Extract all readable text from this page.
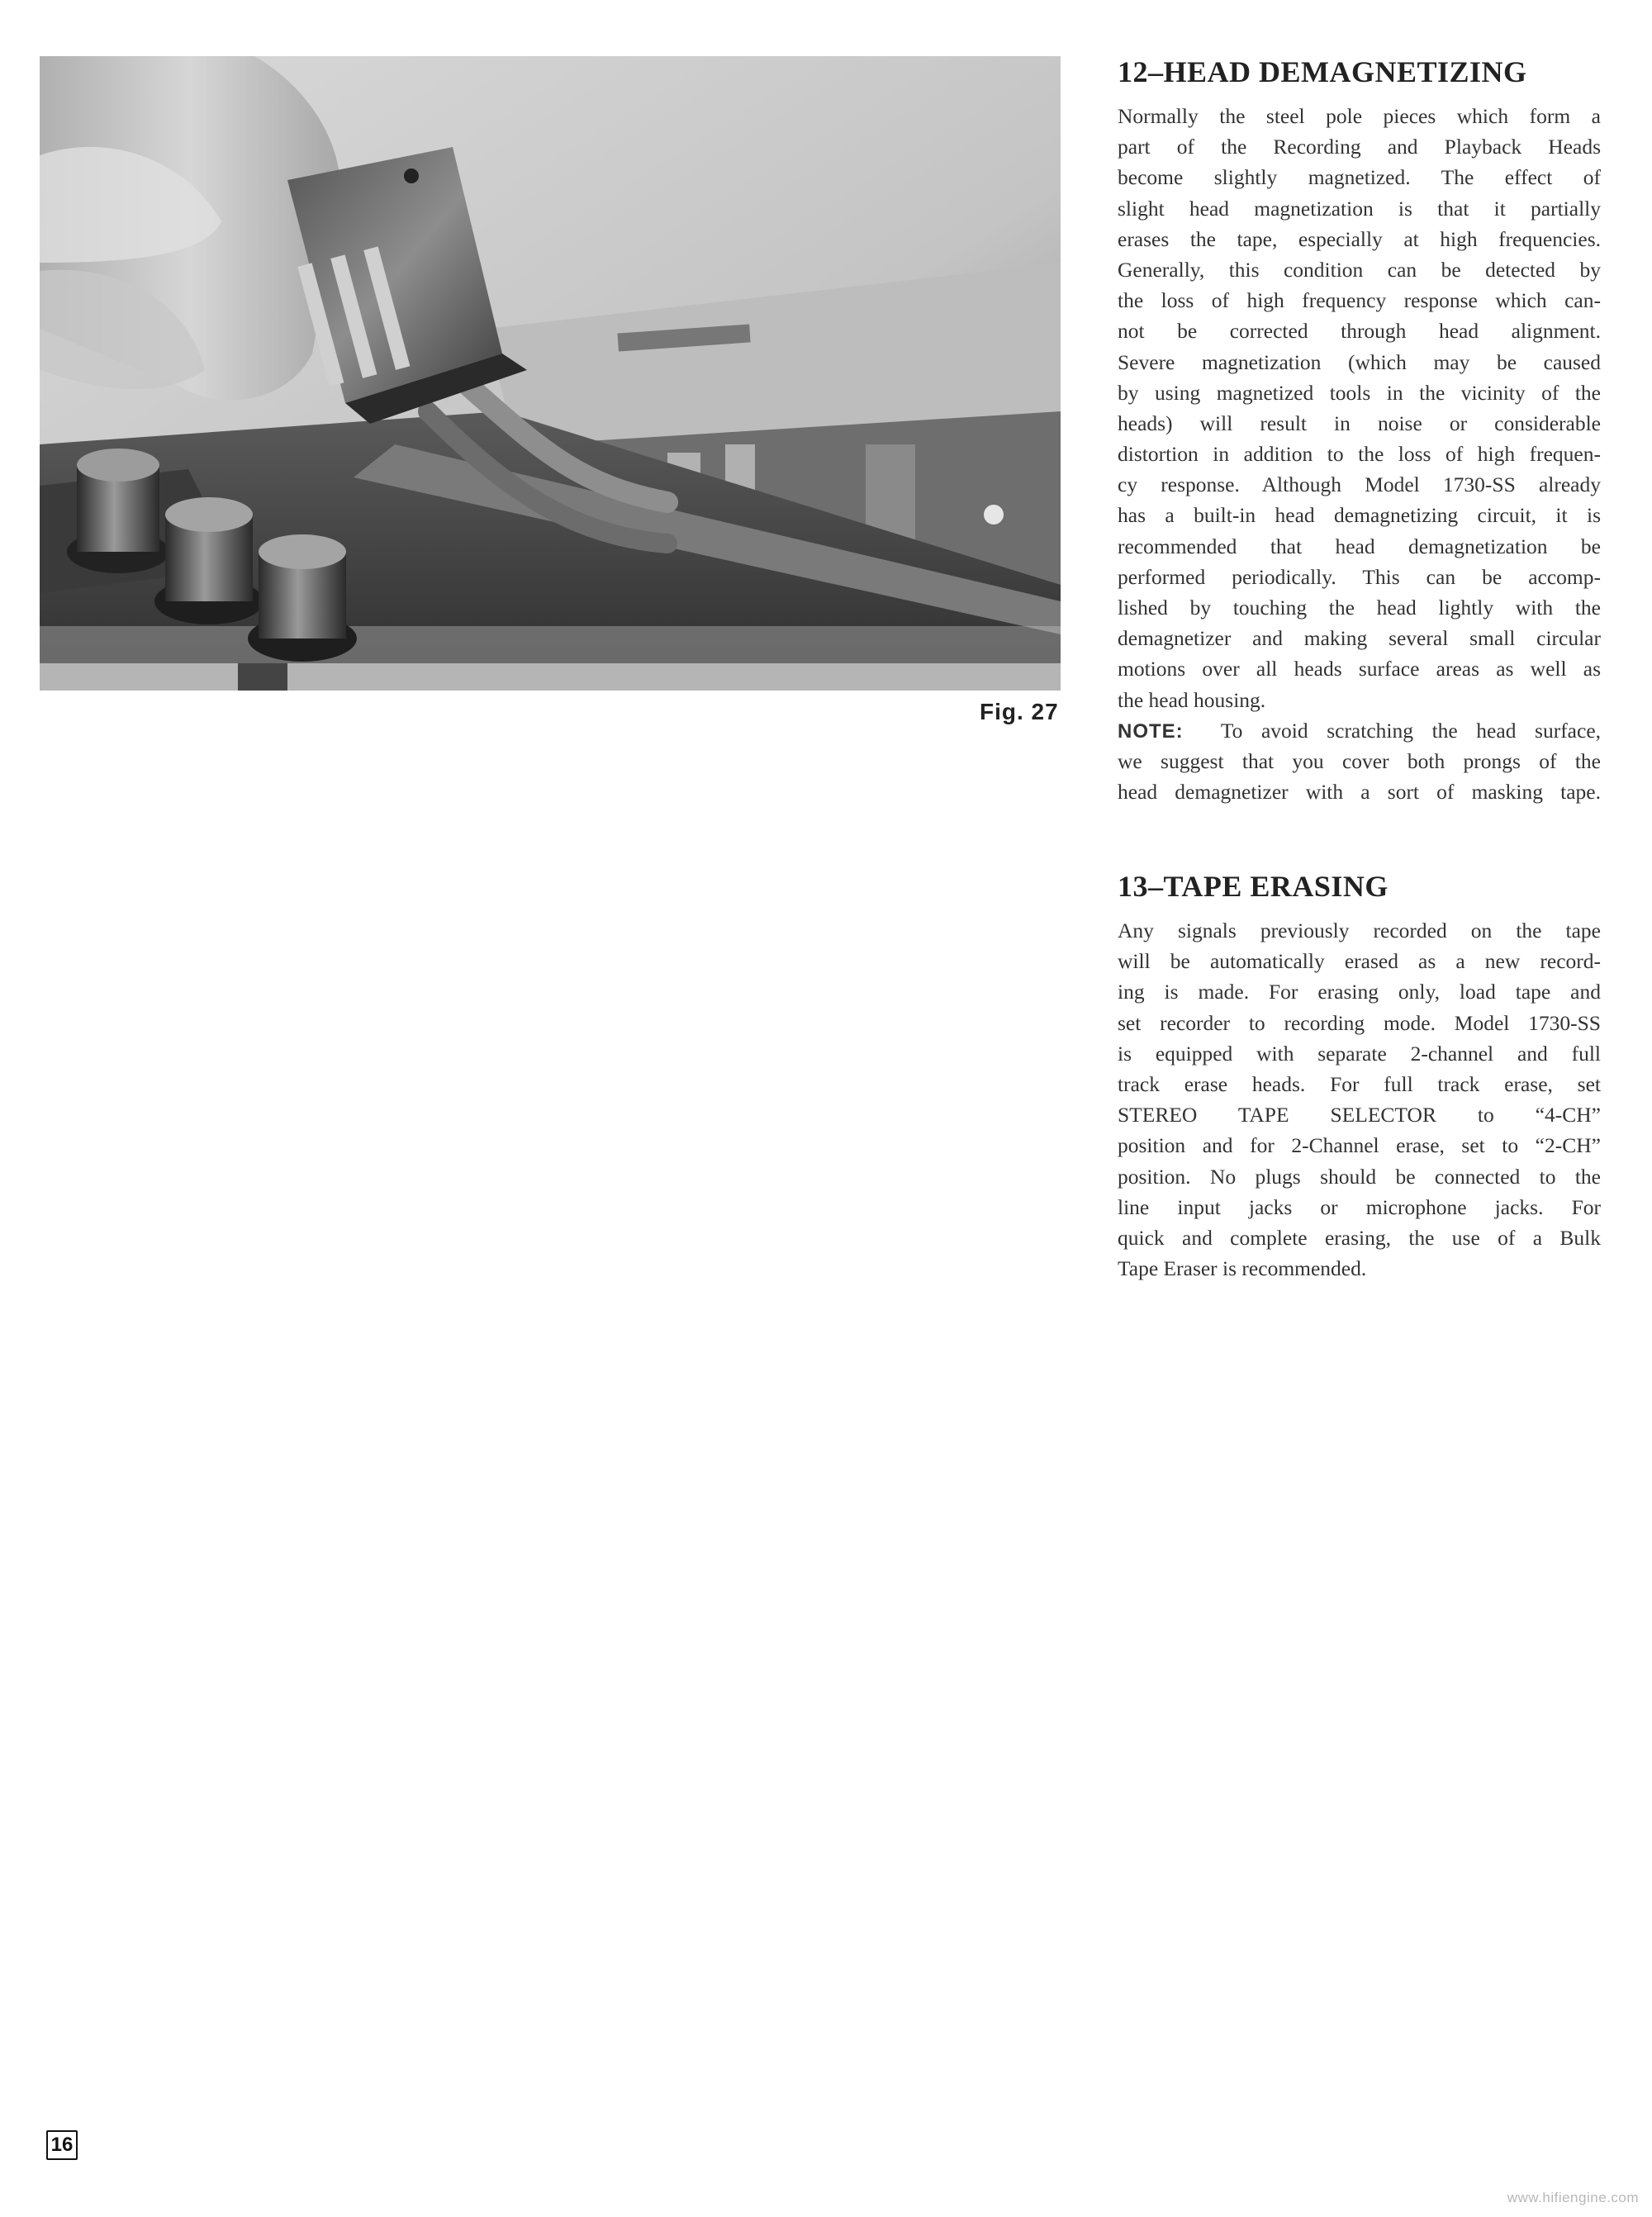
Fig. 27
12–HEAD DEMAGNETIZING
Normally the steel pole pieces which form a
part of the Recording and Playback Heads
become slightly magnetized. The effect of
slight head magnetization is that it partially
erases the tape, especially at high frequencies.
Generally, this condition can be detected by
the loss of high frequency response which can-
not be corrected through head alignment.
Severe magnetization (which may be caused
by using magnetized tools in the vicinity of the
heads) will result in noise or considerable
distortion in addition to the loss of high frequen-
cy response. Although Model 1730-SS already
has a built-in head demagnetizing circuit, it is
recommended that head demagnetization be
performed periodically. This can be accomp-
lished by touching the head lightly with the
demagnetizer and making several small circular
motions over all heads surface areas as well as
the head housing.
NOTE: To avoid scratching the head surface,
we suggest that you cover both prongs of the
head demagnetizer with a sort of masking tape.
13–TAPE ERASING
Any signals previously recorded on the tape
will be automatically erased as a new record-
ing is made. For erasing only, load tape and
set recorder to recording mode. Model 1730-SS
is equipped with separate 2-channel and full
track erase heads. For full track erase, set
STEREO TAPE SELECTOR to “4-CH”
position and for 2-Channel erase, set to “2-CH”
position. No plugs should be connected to the
line input jacks or microphone jacks. For
quick and complete erasing, the use of a Bulk
Tape Eraser is recommended.
16
www.hifiengine.com
